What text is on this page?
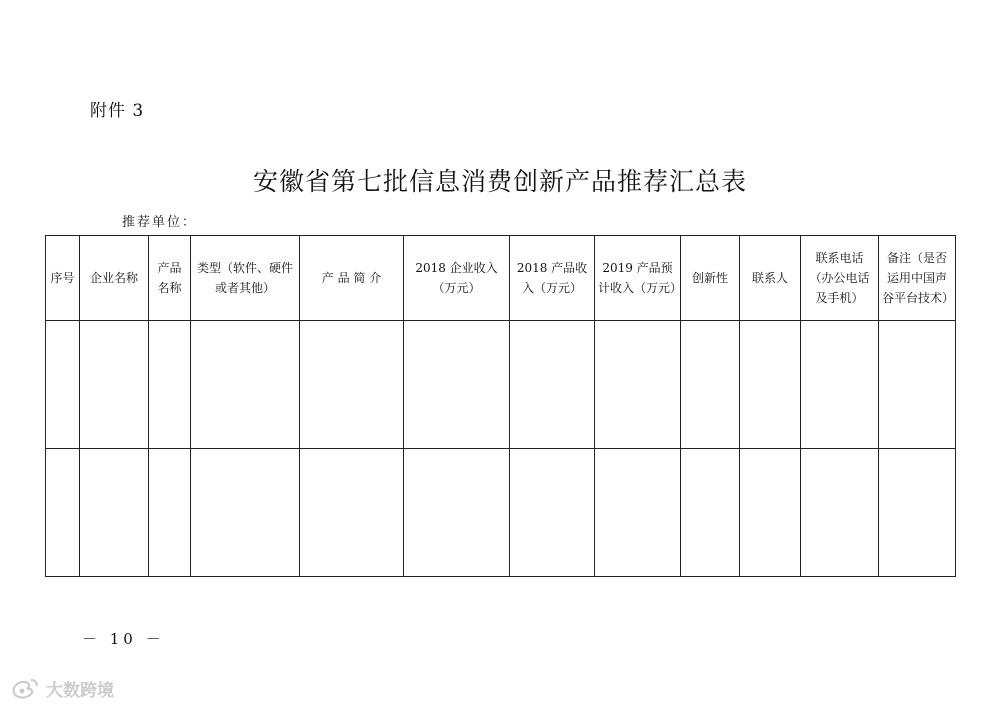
附件 3
安徽省第七批信息消费创新产品推荐汇总表
推荐单位：
序号	企业名称	产品名称	类型（软件、硬件或者其他）	产 品 简 介	2018 企业收入（万元）	2018 产品收入（万元）	2019 产品预计收入（万元）	创新性	联系人	联系电话（办公电话及手机）	备注（是否运用中国声谷平台技术）

－ 10 －
大数跨境
